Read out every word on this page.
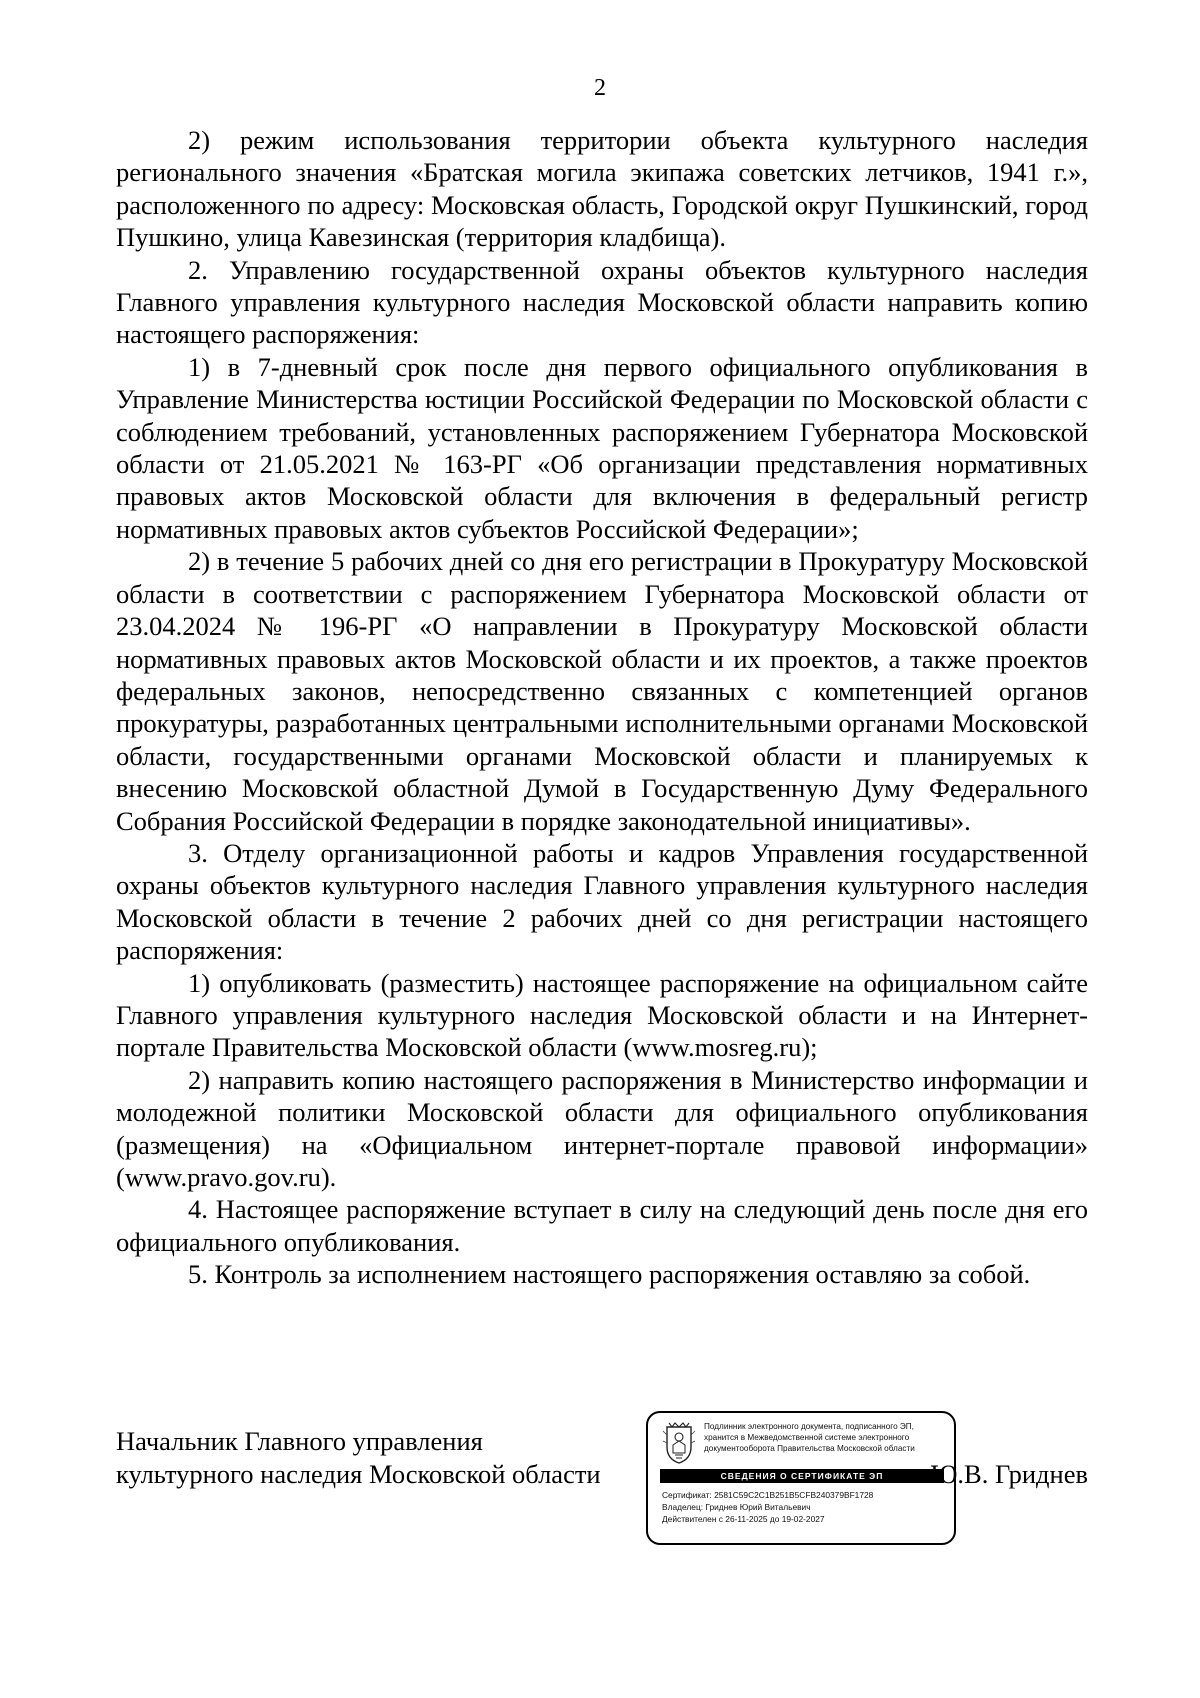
2

2) режим использования территории объекта культурного наследия регионального значения «Братская могила экипажа советских летчиков, 1941 г.», расположенного по адресу: Московская область, Городской округ Пушкинский, город Пушкино, улица Кавезинская (территория кладбища).

2. Управлению государственной охраны объектов культурного наследия Главного управления культурного наследия Московской области направить копию настоящего распоряжения:

1) в 7-дневный срок после дня первого официального опубликования в Управление Министерства юстиции Российской Федерации по Московской области с соблюдением требований, установленных распоряжением Губернатора Московской области от 21.05.2021 № 163-РГ «Об организации представления нормативных правовых актов Московской области для включения в федеральный регистр нормативных правовых актов субъектов Российской Федерации»;

2) в течение 5 рабочих дней со дня его регистрации в Прокуратуру Московской области в соответствии с распоряжением Губернатора Московской области от 23.04.2024 № 196-РГ «О направлении в Прокуратуру Московской области нормативных правовых актов Московской области и их проектов, а также проектов федеральных законов, непосредственно связанных с компетенцией органов прокуратуры, разработанных центральными исполнительными органами Московской области, государственными органами Московской области и планируемых к внесению Московской областной Думой в Государственную Думу Федерального Собрания Российской Федерации в порядке законодательной инициативы».

3. Отделу организационной работы и кадров Управления государственной охраны объектов культурного наследия Главного управления культурного наследия Московской области в течение 2 рабочих дней со дня регистрации настоящего распоряжения:

1) опубликовать (разместить) настоящее распоряжение на официальном сайте Главного управления культурного наследия Московской области и на Интернет-портале Правительства Московской области (www.mosreg.ru);

2) направить копию настоящего распоряжения в Министерство информации и молодежной политики Московской области для официального опубликования (размещения) на «Официальном интернет-портале правовой информации» (www.pravo.gov.ru).

4. Настоящее распоряжение вступает в силу на следующий день после дня его официального опубликования.

5. Контроль за исполнением настоящего распоряжения оставляю за собой.

Начальник Главного управления
культурного наследия Московской области
Подлинник электронного документа, подписанного ЭП,
хранится в Межведомственной системе электронного
документооборота Правительства Московской области
СВЕДЕНИЯ О СЕРТИФИКАТЕ ЭП
Сертификат: 2581C59C2C1B251B5CFB240379BF1728
Владелец: Гриднев Юрий Витальевич
Действителен с 26-11-2025 до 19-02-2027
Ю.В. Гриднев
